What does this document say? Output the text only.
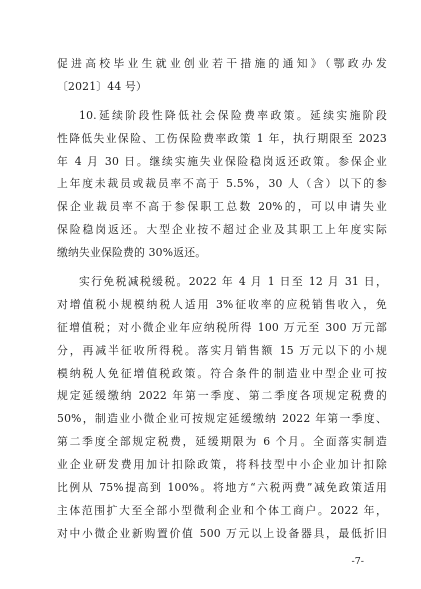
促进高校毕业生就业创业若干措施的通知》（鄂政办发
〔2021〕44 号）
10.延续阶段性降低社会保险费率政策。延续实施阶段
性降低失业保险、工伤保险费率政策 1 年，执行期限至 2023
年 4 月 30 日。继续实施失业保险稳岗返还政策。参保企业
上年度未裁员或裁员率不高于 5.5%，30 人（含）以下的参
保企业裁员率不高于参保职工总数 20%的，可以申请失业
保险稳岗返还。大型企业按不超过企业及其职工上年度实际
缴纳失业保险费的 30%返还。
实行免税减税缓税。2022 年 4 月 1 日至 12 月 31 日，
对增值税小规模纳税人适用 3%征收率的应税销售收入，免
征增值税；对小微企业年应纳税所得 100 万元至 300 万元部
分，再减半征收所得税。落实月销售额 15 万元以下的小规
模纳税人免征增值税政策。符合条件的制造业中型企业可按
规定延缓缴纳 2022 年第一季度、第二季度各项规定税费的
50%，制造业小微企业可按规定延缓缴纳 2022 年第一季度、
第二季度全部规定税费，延缓期限为 6 个月。全面落实制造
业企业研发费用加计扣除政策，将科技型中小企业加计扣除
比例从 75%提高到 100%。将地方“六税两费”减免政策适用
主体范围扩大至全部小型微利企业和个体工商户。2022 年，
对中小微企业新购置价值 500 万元以上设备器具，最低折旧
-7-
